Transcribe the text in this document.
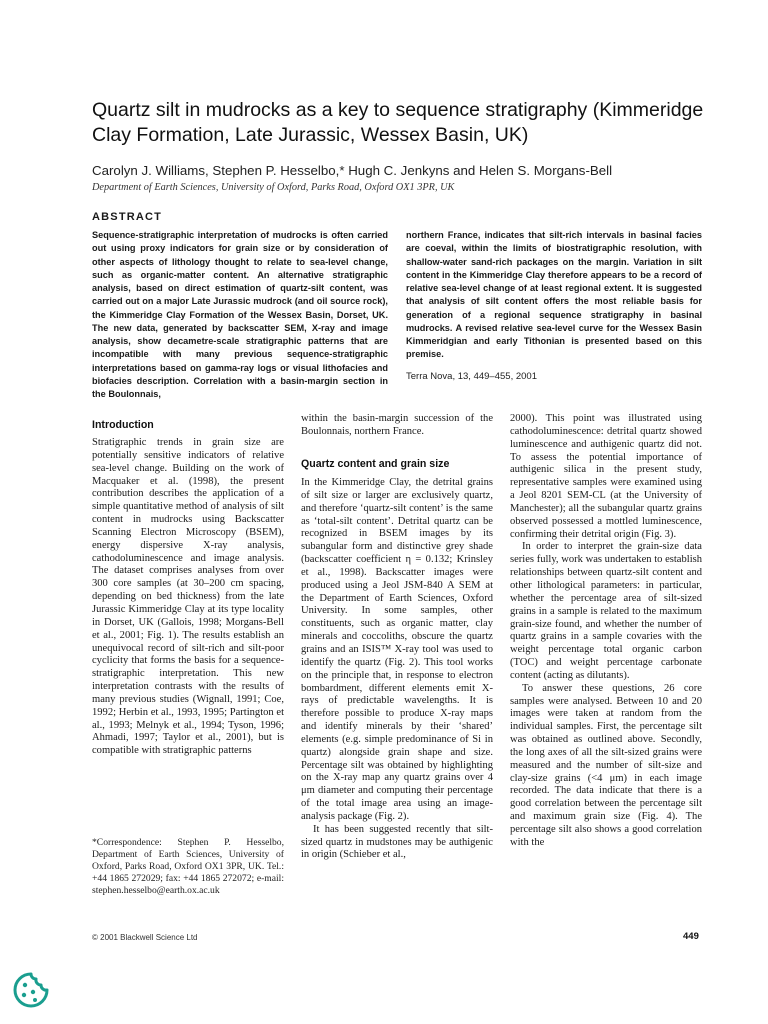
Quartz silt in mudrocks as a key to sequence stratigraphy (Kimmeridge Clay Formation, Late Jurassic, Wessex Basin, UK)
Carolyn J. Williams, Stephen P. Hesselbo,* Hugh C. Jenkyns and Helen S. Morgans-Bell
Department of Earth Sciences, University of Oxford, Parks Road, Oxford OX1 3PR, UK
ABSTRACT
Sequence-stratigraphic interpretation of mudrocks is often carried out using proxy indicators for grain size or by consideration of other aspects of lithology thought to relate to sea-level change, such as organic-matter content. An alternative stratigraphic analysis, based on direct estimation of quartz-silt content, was carried out on a major Late Jurassic mudrock (and oil source rock), the Kimmeridge Clay Formation of the Wessex Basin, Dorset, UK. The new data, generated by backscatter SEM, X-ray and image analysis, show decametre-scale stratigraphic patterns that are incompatible with many previous sequence-stratigraphic interpretations based on gamma-ray logs or visual lithofacies and biofacies description. Correlation with a basin-margin section in the Boulonnais,
northern France, indicates that silt-rich intervals in basinal facies are coeval, within the limits of biostratigraphic resolution, with shallow-water sand-rich packages on the margin. Variation in silt content in the Kimmeridge Clay therefore appears to be a record of relative sea-level change of at least regional extent. It is suggested that analysis of silt content offers the most reliable basis for generation of a regional sequence stratigraphy in basinal mudrocks. A revised relative sea-level curve for the Wessex Basin Kimmeridgian and early Tithonian is presented based on this premise.
Terra Nova, 13, 449–455, 2001
Introduction

Stratigraphic trends in grain size are potentially sensitive indicators of relative sea-level change. Building on the work of Macquaker et al. (1998), the present contribution describes the application of a simple quantitative method of analysis of silt content in mudrocks using Backscatter Scanning Electron Microscopy (BSEM), energy dispersive X-ray analysis, cathodoluminescence and image analysis. The dataset comprises analyses from over 300 core samples (at 30–200 cm spacing, depending on bed thickness) from the late Jurassic Kimmeridge Clay at its type locality in Dorset, UK (Gallois, 1998; Morgans-Bell et al., 2001; Fig. 1). The results establish an unequivocal record of silt-rich and silt-poor cyclicity that forms the basis for a sequence-stratigraphic interpretation. This new interpretation contrasts with the results of many previous studies (Wignall, 1991; Coe, 1992; Herbin et al., 1993, 1995; Partington et al., 1993; Melnyk et al., 1994; Tyson, 1996; Ahmadi, 1997; Taylor et al., 2001), but is compatible with stratigraphic patterns

*Correspondence: Stephen P. Hesselbo, Department of Earth Sciences, University of Oxford, Parks Road, Oxford OX1 3PR, UK. Tel.: +44 1865 272029; fax: +44 1865 272072; e-mail: stephen.hesselbo@earth.ox.ac.uk

within the basin-margin succession of the Boulonnais, northern France.

Quartz content and grain size

In the Kimmeridge Clay, the detrital grains of silt size or larger are exclusively quartz, and therefore ‘quartz-silt content’ is the same as ‘total-silt content’. Detrital quartz can be recognized in BSEM images by its subangular form and distinctive grey shade (backscatter coefficient η = 0.132; Krinsley et al., 1998). Backscatter images were produced using a Jeol JSM-840 A SEM at the Department of Earth Sciences, Oxford University. In some samples, other constituents, such as organic matter, clay minerals and coccoliths, obscure the quartz grains and an ISIS™ X-ray tool was used to identify the quartz (Fig. 2). This tool works on the principle that, in response to electron bombardment, different elements emit X-rays of predictable wavelengths. It is therefore possible to produce X-ray maps and identify minerals by their ‘shared’ elements (e.g. simple predominance of Si in quartz) alongside grain shape and size. Percentage silt was obtained by highlighting on the X-ray map any quartz grains over 4 μm diameter and computing their percentage of the total image area using an image-analysis package (Fig. 2).

It has been suggested recently that silt-sized quartz in mudstones may be authigenic in origin (Schieber et al.,

2000). This point was illustrated using cathodoluminescence: detrital quartz showed luminescence and authigenic quartz did not. To assess the potential importance of authigenic silica in the present study, representative samples were examined using a Jeol 8201 SEM-CL (at the University of Manchester); all the subangular quartz grains observed possessed a mottled luminescence, confirming their detrital origin (Fig. 3).

In order to interpret the grain-size data series fully, work was undertaken to establish relationships between quartz-silt content and other lithological parameters: in particular, whether the percentage area of silt-sized grains in a sample is related to the maximum grain-size found, and whether the number of quartz grains in a sample covaries with the weight percentage total organic carbon (TOC) and weight percentage carbonate content (acting as dilutants).

To answer these questions, 26 core samples were analysed. Between 10 and 20 images were taken at random from the individual samples. First, the percentage silt was obtained as outlined above. Secondly, the long axes of all the silt-sized grains were measured and the number of silt-size and clay-size grains (<4 μm) in each image recorded. The data indicate that there is a good correlation between the percentage silt and maximum grain size (Fig. 4). The percentage silt also shows a good correlation with the

© 2001 Blackwell Science Ltd	449
